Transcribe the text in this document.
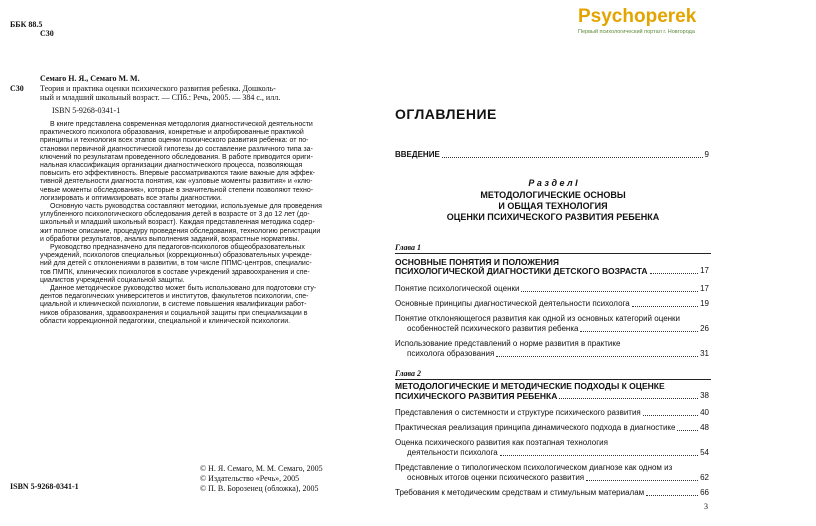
ББК 88.5
С30
Семаго Н. Я., Семаго М. М.
С30 Теория и практика оценки психического развития ребенка. Дошколь-
ный и младший школьный возраст. — СПб.: Речь, 2005. — 384 с., илл.
ISBN 5-9268-0341-1
В книге представлена современная методология диагностической деятельности
практического психолога образования, конкретные и апробированные практикой
принципы и технология всех этапов оценки психического развития ребенка: от по-
становки первичной диагностической гипотезы до составление различного типа за-
ключений по результатам проведенного обследования. В работе приводится ориги-
нальная классификация организации диагностического процесса, позволяющая
повысить его эффективность. Впервые рассматриваются такие важные для эффек-
тивной деятельности диагноста понятия, как «узловые моменты развития» и «клю-
чевые моменты обследования», которые в значительной степени позволяют техно-
логизировать и оптимизировать все этапы диагностики.
Основную часть руководства составляют методики, используемые для проведения
углубленного психологического обследования детей в возрасте от 3 до 12 лет (до-
школьный и младший школьный возраст). Каждая представленная методика содер-
жит полное описание, процедуру проведения обследования, технологию регистрации
и обработки результатов, анализ выполнения заданий, возрастные нормативы.
Руководство предназначено для педагогов-психологов общеобразовательных
учреждений, психологов специальных (коррекционных) образовательных учрежде-
ний для детей с отклонениями в развитии, в том числе ППМС-центров, специалис-
тов ПМПК, клинических психологов в составе учреждений здравоохранения и спе-
циалистов учреждений социальной защиты.
Данное методическое руководство может быть использовано для подготовки сту-
дентов педагогических университетов и институтов, факультетов психологии, спе-
циальной и клинической психологии, в системе повышения квалификации работ-
ников образования, здравоохранения и социальной защиты при специализации в
области коррекционной педагогики, специальной и клинической психологии.
ISBN 5-9268-0341-1
© Н. Я. Семаго, М. М. Семаго, 2005
© Издательство «Речь», 2005
© П. В. Борозенец (обложка), 2005
Psychoperek
Первый психологический портал г. Новгорода
ОГЛАВЛЕНИЕ
ВВЕДЕНИЕ	9
Р а з д е л I
МЕТОДОЛОГИЧЕСКИЕ ОСНОВЫ
И ОБЩАЯ ТЕХНОЛОГИЯ
ОЦЕНКИ ПСИХИЧЕСКОГО РАЗВИТИЯ РЕБЕНКА
Глава 1
ОСНОВНЫЕ ПОНЯТИЯ И ПОЛОЖЕНИЯ
ПСИХОЛОГИЧЕСКОЙ ДИАГНОСТИКИ ДЕТСКОГО ВОЗРАСТА	17
Понятие психологической оценки	17
Основные принципы диагностической деятельности психолога	19
Понятие отклоняющегося развития как одной из основных категорий оценки
особенностей психического развития ребенка	26
Использование представлений о норме развития в практике
психолога образования	31
Глава 2
МЕТОДОЛОГИЧЕСКИЕ И МЕТОДИЧЕСКИЕ ПОДХОДЫ К ОЦЕНКЕ
ПСИХИЧЕСКОГО РАЗВИТИЯ РЕБЕНКА	38
Представления о системности и структуре психического развития	40
Практическая реализация принципа динамического подхода в диагностике	48
Оценка психического развития как поэтапная технология
деятельности психолога	54
Представление о типологическом психологическом диагнозе как одном из
основных итогов оценки психического развития	62
Требования к методическим средствам и стимульным материалам	66
3
